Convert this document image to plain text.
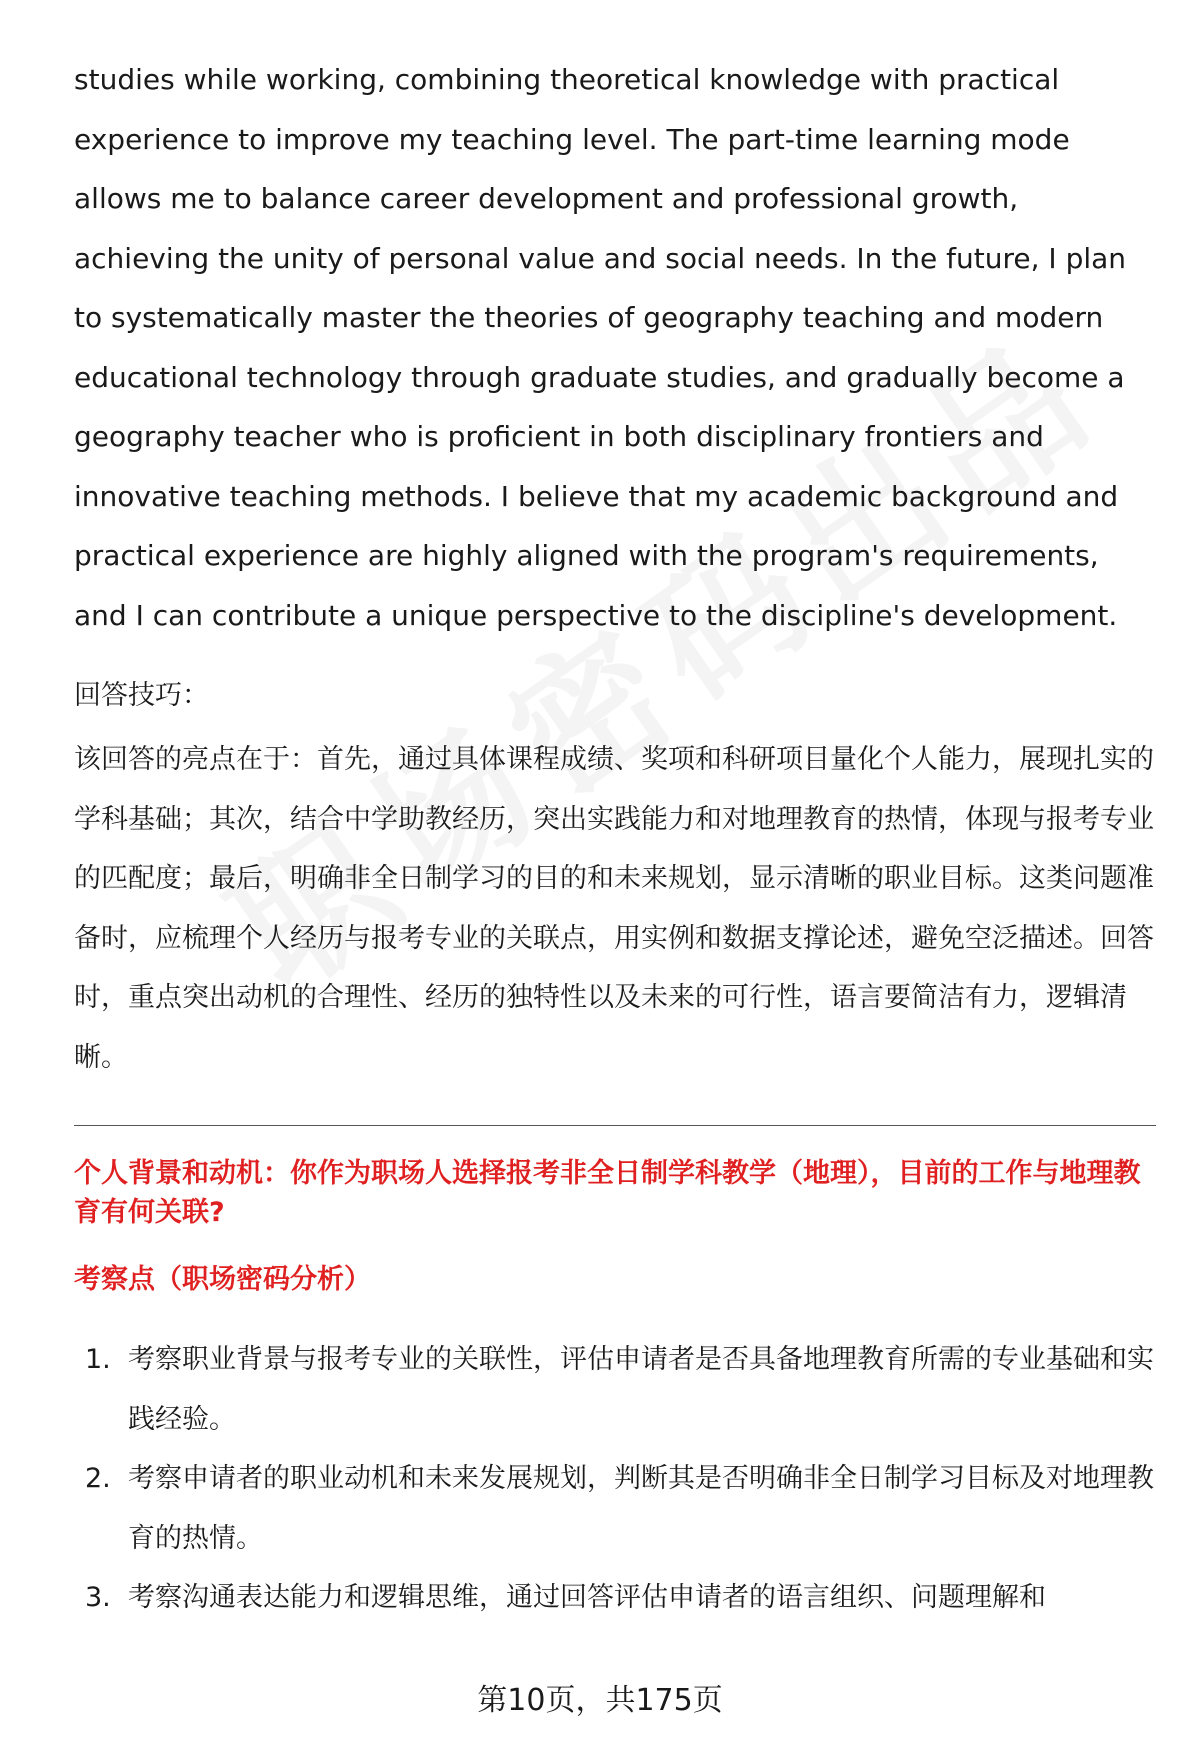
studies while working, combining theoretical knowledge with practical experience to improve my teaching level. The part-time learning mode allows me to balance career development and professional growth, achieving the unity of personal value and social needs. In the future, I plan to systematically master the theories of geography teaching and modern educational technology through graduate studies, and gradually become a geography teacher who is proficient in both disciplinary frontiers and innovative teaching methods. I believe that my academic background and practical experience are highly aligned with the program's requirements, and I can contribute a unique perspective to the discipline's development.

回答技巧：

该回答的亮点在于：首先，通过具体课程成绩、奖项和科研项目量化个人能力，展现扎实的学科基础；其次，结合中学助教经历，突出实践能力和对地理教育的热情，体现与报考专业的匹配度；最后，明确非全日制学习的目的和未来规划，显示清晰的职业目标。这类问题准备时，应梳理个人经历与报考专业的关联点，用实例和数据支撑论述，避免空泛描述。回答时，重点突出动机的合理性、经历的独特性以及未来的可行性，语言要简洁有力，逻辑清晰。

个人背景和动机：你作为职场人选择报考非全日制学科教学（地理），目前的工作与地理教育有何关联?

考察点（职场密码分析）

1. 考察职业背景与报考专业的关联性，评估申请者是否具备地理教育所需的专业基础和实践经验。
2. 考察申请者的职业动机和未来发展规划，判断其是否明确非全日制学习目标及对地理教育的热情。
3. 考察沟通表达能力和逻辑思维，通过回答评估申请者的语言组织、问题理解和
第10页，共175页
